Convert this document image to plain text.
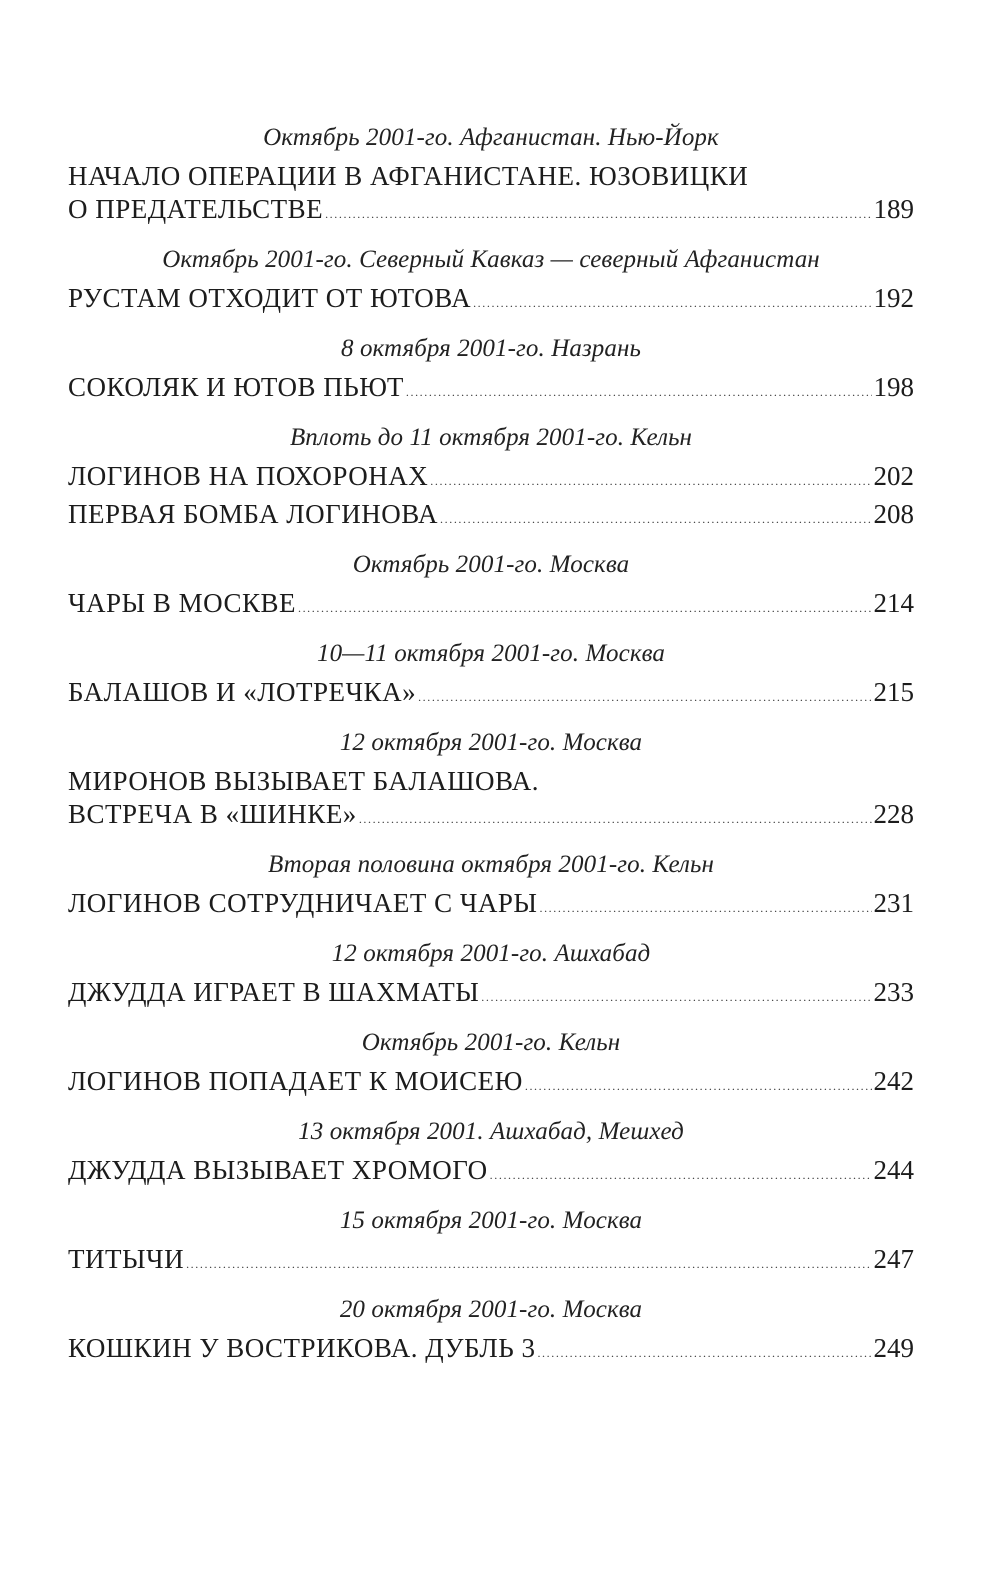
Октябрь 2001-го. Афганистан. Нью-Йорк
НАЧАЛО ОПЕРАЦИИ В АФГАНИСТАНЕ. ЮЗОВИЦКИ
О ПРЕДАТЕЛЬСТВЕ .....	189
Октябрь 2001-го. Северный Кавказ — северный Афганистан
РУСТАМ ОТХОДИТ ОТ ЮТОВА .....	192
8 октября 2001-го. Назрань
СОКОЛЯК И ЮТОВ ПЬЮТ .....	198
Вплоть до 11 октября 2001-го. Кельн
ЛОГИНОВ НА ПОХОРОНАХ .....	202
ПЕРВАЯ БОМБА ЛОГИНОВА .....	208
Октябрь 2001-го. Москва
ЧАРЫ В МОСКВЕ .....	214
10—11 октября 2001-го. Москва
БАЛАШОВ И «ЛОТРЕЧКА» .....	215
12 октября 2001-го. Москва
МИРОНОВ ВЫЗЫВАЕТ БАЛАШОВА.
ВСТРЕЧА В «ШИНКЕ» .....	228
Вторая половина октября 2001-го. Кельн
ЛОГИНОВ СОТРУДНИЧАЕТ С ЧАРЫ .....	231
12 октября 2001-го. Ашхабад
ДЖУДДА ИГРАЕТ В ШАХМАТЫ .....	233
Октябрь 2001-го. Кельн
ЛОГИНОВ ПОПАДАЕТ К МОИСЕЮ .....	242
13 октября 2001. Ашхабад, Мешхед
ДЖУДДА ВЫЗЫВАЕТ ХРОМОГО .....	244
15 октября 2001-го. Москва
ТИТЫЧИ .....	247
20 октября 2001-го. Москва
КОШКИН У ВОСТРИКОВА. ДУБЛЬ 3 .....	249
